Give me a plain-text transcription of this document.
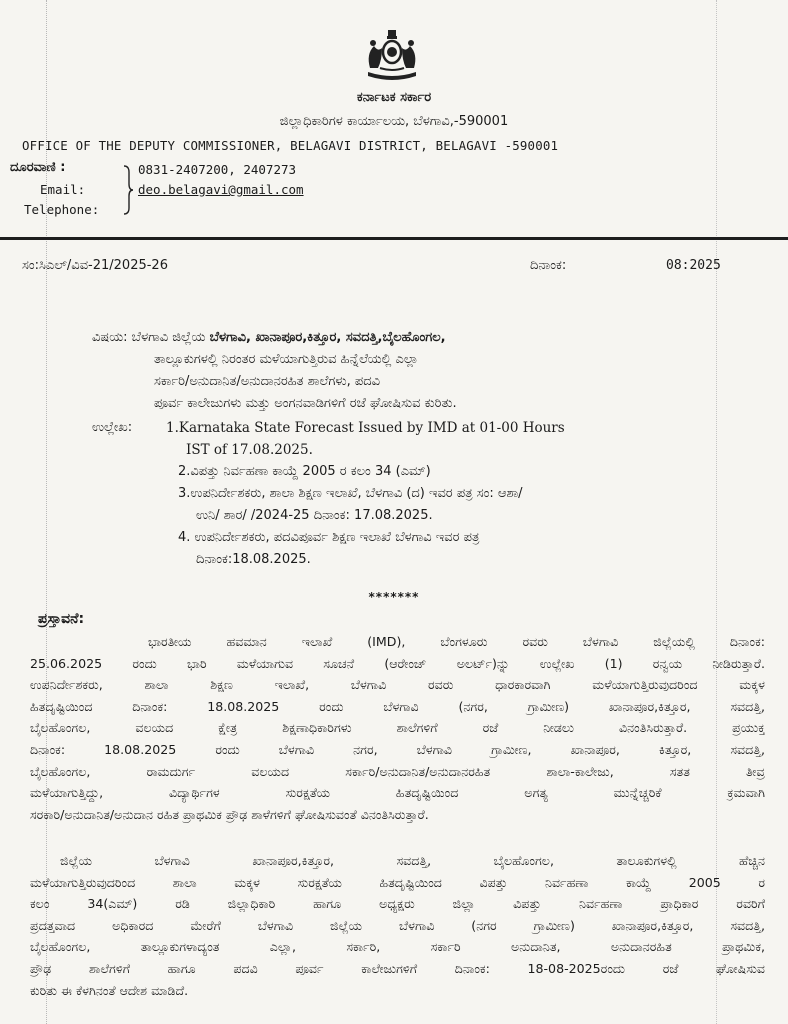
ಕರ್ನಾಟಕ ಸರ್ಕಾರ
ಜಿಲ್ಲಾಧಿಕಾರಿಗಳ ಕಾರ್ಯಾಲಯ, ಬೆಳಗಾವಿ,-590001
OFFICE OF THE DEPUTY COMMISSIONER, BELAGAVI DISTRICT, BELAGAVI -590001
ದೂರವಾಣಿ :
Email:
Telephone:
0831-2407200, 2407273
deo.belagavi@gmail.com
ಸಂ:ಸಿಎಲ್/ವಿವ-21/2025-26	ದಿನಾಂಕ:	08:2025
ವಿಷಯ: ಬೆಳಗಾವಿ ಜಿಲ್ಲೆಯ ಬೆಳಗಾವಿ, ಖಾನಾಪೂರ,ಕಿತ್ತೂರ, ಸವದತ್ತಿ,ಬೈಲಹೊಂಗಲ,
ತಾಲ್ಲೂಕುಗಳಲ್ಲಿ ನಿರಂತರ ಮಳೆಯಾಗುತ್ತಿರುವ ಹಿನ್ನೆಲೆಯಲ್ಲಿ ಎಲ್ಲಾ
ಸರ್ಕಾರಿ/ಅನುದಾನಿತ/ಅನುದಾನರಹಿತ ಶಾಲೆಗಳು, ಪದವಿ
ಪೂರ್ವ ಕಾಲೇಜುಗಳು ಮತ್ತು ಅಂಗನವಾಡಿಗಳಿಗೆ ರಜೆ ಘೋಷಿಸುವ ಕುರಿತು.
ಉಲ್ಲೇಖ:	1.Karnataka State Forecast Issued by IMD at 01-00 Hours
IST of 17.08.2025.
2.ವಿಪತ್ತು ನಿರ್ವಹಣಾ ಕಾಯ್ದೆ 2005 ರ ಕಲಂ 34 (ಎಮ್)
3.ಉಪನಿರ್ದೇಶಕರು, ಶಾಲಾ ಶಿಕ್ಷಣ ಇಲಾಖೆ, ಬೆಳಗಾವಿ (ದ) ಇವರ ಪತ್ರ ಸಂ: ಆಶಾ/
ಉನಿ/ ಶಾರ/ /2024-25 ದಿನಾಂಕ: 17.08.2025.
4. ಉಪನಿರ್ದೇಶಕರು, ಪದವಿಪೂರ್ವ ಶಿಕ್ಷಣ ಇಲಾಖೆ ಬೆಳಗಾವಿ ಇವರ ಪತ್ರ
ದಿನಾಂಕ:18.08.2025.
*******
ಪ್ರಸ್ತಾವನೆ:
ಭಾರತೀಯ ಹವಮಾನ ಇಲಾಖೆ (IMD), ಬೆಂಗಳೂರು ರವರು ಬೆಳಗಾವಿ ಜಿಲ್ಲೆಯಲ್ಲಿ ದಿನಾಂಕ:
25.06.2025 ರಂದು ಭಾರಿ ಮಳೆಯಾಗುವ ಸೂಚನೆ (ಆರೇಂಜ್ ಅಲರ್ಟ್)ನ್ನು ಉಲ್ಲೇಖ (1) ರನ್ವಯ ನೀಡಿರುತ್ತಾರೆ.
ಉಪನಿರ್ದೇಶಕರು, ಶಾಲಾ ಶಿಕ್ಷಣ ಇಲಾಖೆ, ಬೆಳಗಾವಿ ರವರು ಧಾರಕಾರವಾಗಿ ಮಳೆಯಾಗುತ್ತಿರುವುದರಿಂದ ಮಕ್ಕಳ
ಹಿತದೃಷ್ಟಿಯಿಂದ ದಿನಾಂಕ: 18.08.2025 ರಂದು ಬೆಳಗಾವಿ (ನಗರ, ಗ್ರಾಮೀಣ) ಖಾನಾಪೂರ,ಕಿತ್ತೂರ, ಸವದತ್ತಿ,
ಬೈಲಹೊಂಗಲ, ವಲಯದ ಕ್ಷೇತ್ರ ಶಿಕ್ಷಣಾಧಿಕಾರಿಗಳು ಶಾಲೆಗಳಿಗೆ ರಜೆ ನೀಡಲು ವಿನಂತಿಸಿರುತ್ತಾರೆ. ಪ್ರಯುಕ್ತ
ದಿನಾಂಕ: 18.08.2025 ರಂದು ಬೆಳಗಾವಿ ನಗರ, ಬೆಳಗಾವಿ ಗ್ರಾಮೀಣ, ಖಾನಾಪೂರ, ಕಿತ್ತೂರ, ಸವದತ್ತಿ,
ಬೈಲಹೊಂಗಲ, ರಾಮದುರ್ಗ ವಲಯದ ಸರ್ಕಾರಿ/ಅನುದಾನಿತ/ಅನುದಾನರಹಿತ ಶಾಲಾ-ಕಾಲೇಜು, ಸತತ ತೀವ್ರ
ಮಳೆಯಾಗುತ್ತಿದ್ದು, ವಿದ್ಯಾರ್ಥಿಗಳ ಸುರಕ್ಷತೆಯ ಹಿತದೃಷ್ಟಿಯಿಂದ ಅಗತ್ಯ ಮುನ್ನೆಚ್ಚರಿಕೆ ಕ್ರಮವಾಗಿ
ಸರಕಾರಿ/ಅನುದಾನಿತ/ಅನುದಾನ ರಹಿತ ಪ್ರಾಥಮಿಕ ಪ್ರೌಢ ಶಾಳೆಗಳಿಗೆ ಘೋಷಿಸುವಂತೆ ವಿನಂತಿಸಿರುತ್ತಾರೆ.
ಜಿಲ್ಲೆಯ ಬೆಳಗಾವಿ ಖಾನಾಪೂರ,ಕಿತ್ತೂರ, ಸವದತ್ತಿ, ಬೈಲಹೊಂಗಲ, ತಾಲೂಕುಗಳಲ್ಲಿ ಹೆಚ್ಚಿನ
ಮಳೆಯಾಗುತ್ತಿರುವುದರಿಂದ ಶಾಲಾ ಮಕ್ಕಳ ಸುರಕ್ಷತೆಯ ಹಿತದೃಷ್ಟಿಯಿಂದ ವಿಪತ್ತು ನಿರ್ವಹಣಾ ಕಾಯ್ದೆ 2005 ರ
ಕಲಂ 34(ಎಮ್) ರಡಿ ಜಿಲ್ಲಾಧಿಕಾರಿ ಹಾಗೂ ಅಧ್ಯಕ್ಷರು ಜಿಲ್ಲಾ ವಿಪತ್ತು ನಿರ್ವಹಣಾ ಪ್ರಾಧಿಕಾರ ರವರಿಗೆ
ಪ್ರದತ್ತವಾದ ಅಧಿಕಾರದ ಮೇರೆಗೆ ಬೆಳಗಾವಿ ಜಿಲ್ಲೆಯ ಬೆಳಗಾವಿ (ನಗರ ಗ್ರಾಮೀಣ) ಖಾನಾಪೂರ,ಕಿತ್ತೂರ, ಸವದತ್ತಿ,
ಬೈಲಹೊಂಗಲ, ತಾಲ್ಲೂಕುಗಳಾದ್ಯಂತ ಎಲ್ಲಾ, ಸರ್ಕಾರಿ, ಸರ್ಕಾರಿ ಅನುದಾನಿತ, ಅನುದಾನರಹಿತ ಪ್ರಾಥಮಿಕ,
ಪ್ರೌಢ ಶಾಲೆಗಳಿಗೆ ಹಾಗೂ ಪದವಿ ಪೂರ್ವ ಕಾಲೇಜುಗಳಿಗೆ ದಿನಾಂಕ: 18-08-2025ರಂದು ರಜೆ ಘೋಷಿಸುವ
ಕುರಿತು ಈ ಕೆಳಗಿನಂತೆ ಆದೇಶ ಮಾಡಿದೆ.
